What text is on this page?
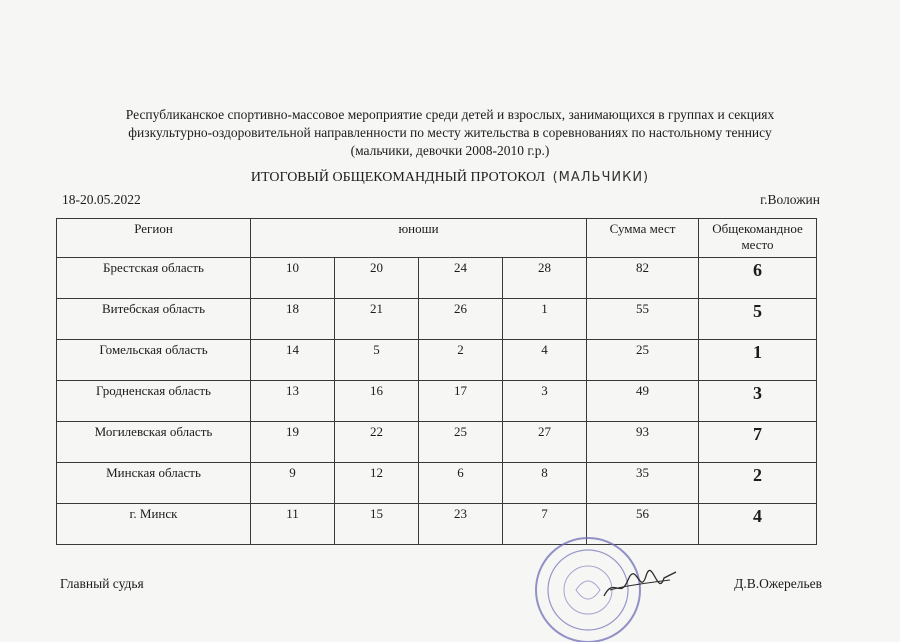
Республиканское спортивно-массовое мероприятие среди детей и взрослых, занимающихся в группах и секциях
физкультурно-оздоровительной направленности по месту жительства в соревнованиях по настольному теннису
(мальчики, девочки 2008-2010 г.р.)
ИТОГОВЫЙ ОБЩЕКОМАНДНЫЙ ПРОТОКОЛ (МАЛЬЧИКИ)
18-20.05.2022	г.Воложин
Регион	юноши				Сумма мест	Общекомандное место
Брестская область	10	20	24	28	82	6
Витебская область	18	21	26	1	55	5
Гомельская область	14	5	2	4	25	1
Гродненская область	13	16	17	3	49	3
Могилевская область	19	22	25	27	93	7
Минская область	9	12	6	8	35	2
г. Минск	11	15	23	7	56	4
Главный судья	Д.В.Ожерельев
